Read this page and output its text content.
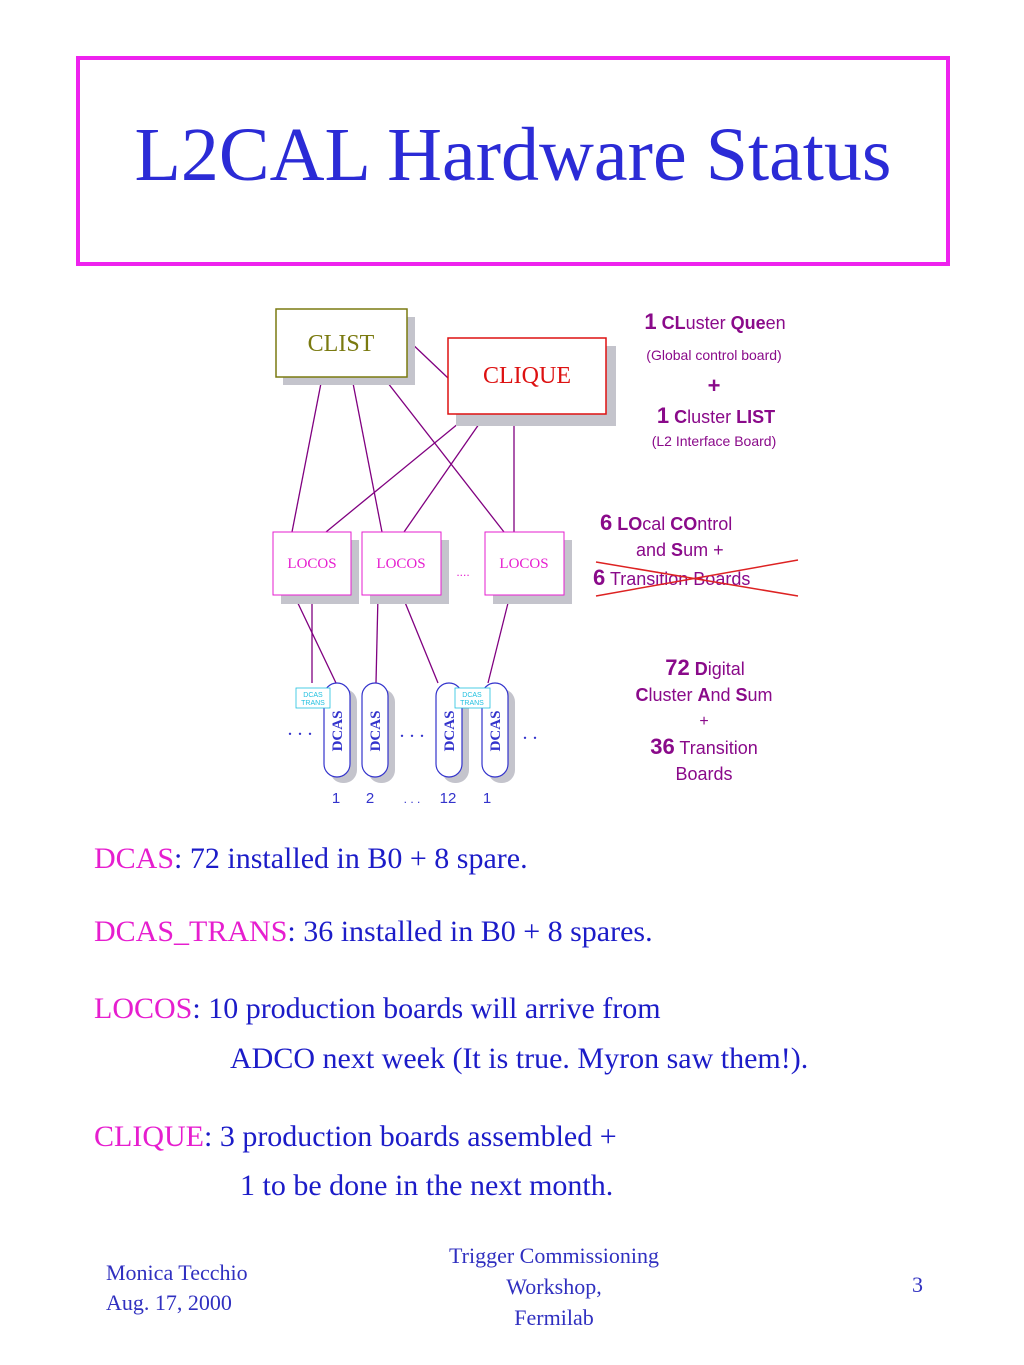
L2CAL Hardware Status
CLIST
CLIQUE
LOCOS	LOCOS	.... LOCOS
DCAS DCAS	DCAS DCAS
DCAS
TRANS
DCAS
TRANS
. . .	. . .	. .
1 2 . . . 12 1
1 CLuster Queen
(Global control board)
+
1 Cluster LIST
(L2 Interface Board)
6 LOcal COntrol
and Sum +
6 Transition Boards
72 Digital
Cluster And Sum
+
36 Transition
Boards
DCAS: 72 installed in B0 + 8 spare.
DCAS_TRANS: 36 installed in B0 + 8 spares.
LOCOS: 10 production boards will arrive from
ADCO next week (It is true. Myron saw them!).
CLIQUE: 3 production boards assembled +
1 to be done in the next month.
Monica Tecchio
Aug. 17, 2000
Trigger Commissioning
Workshop,
Fermilab
3
